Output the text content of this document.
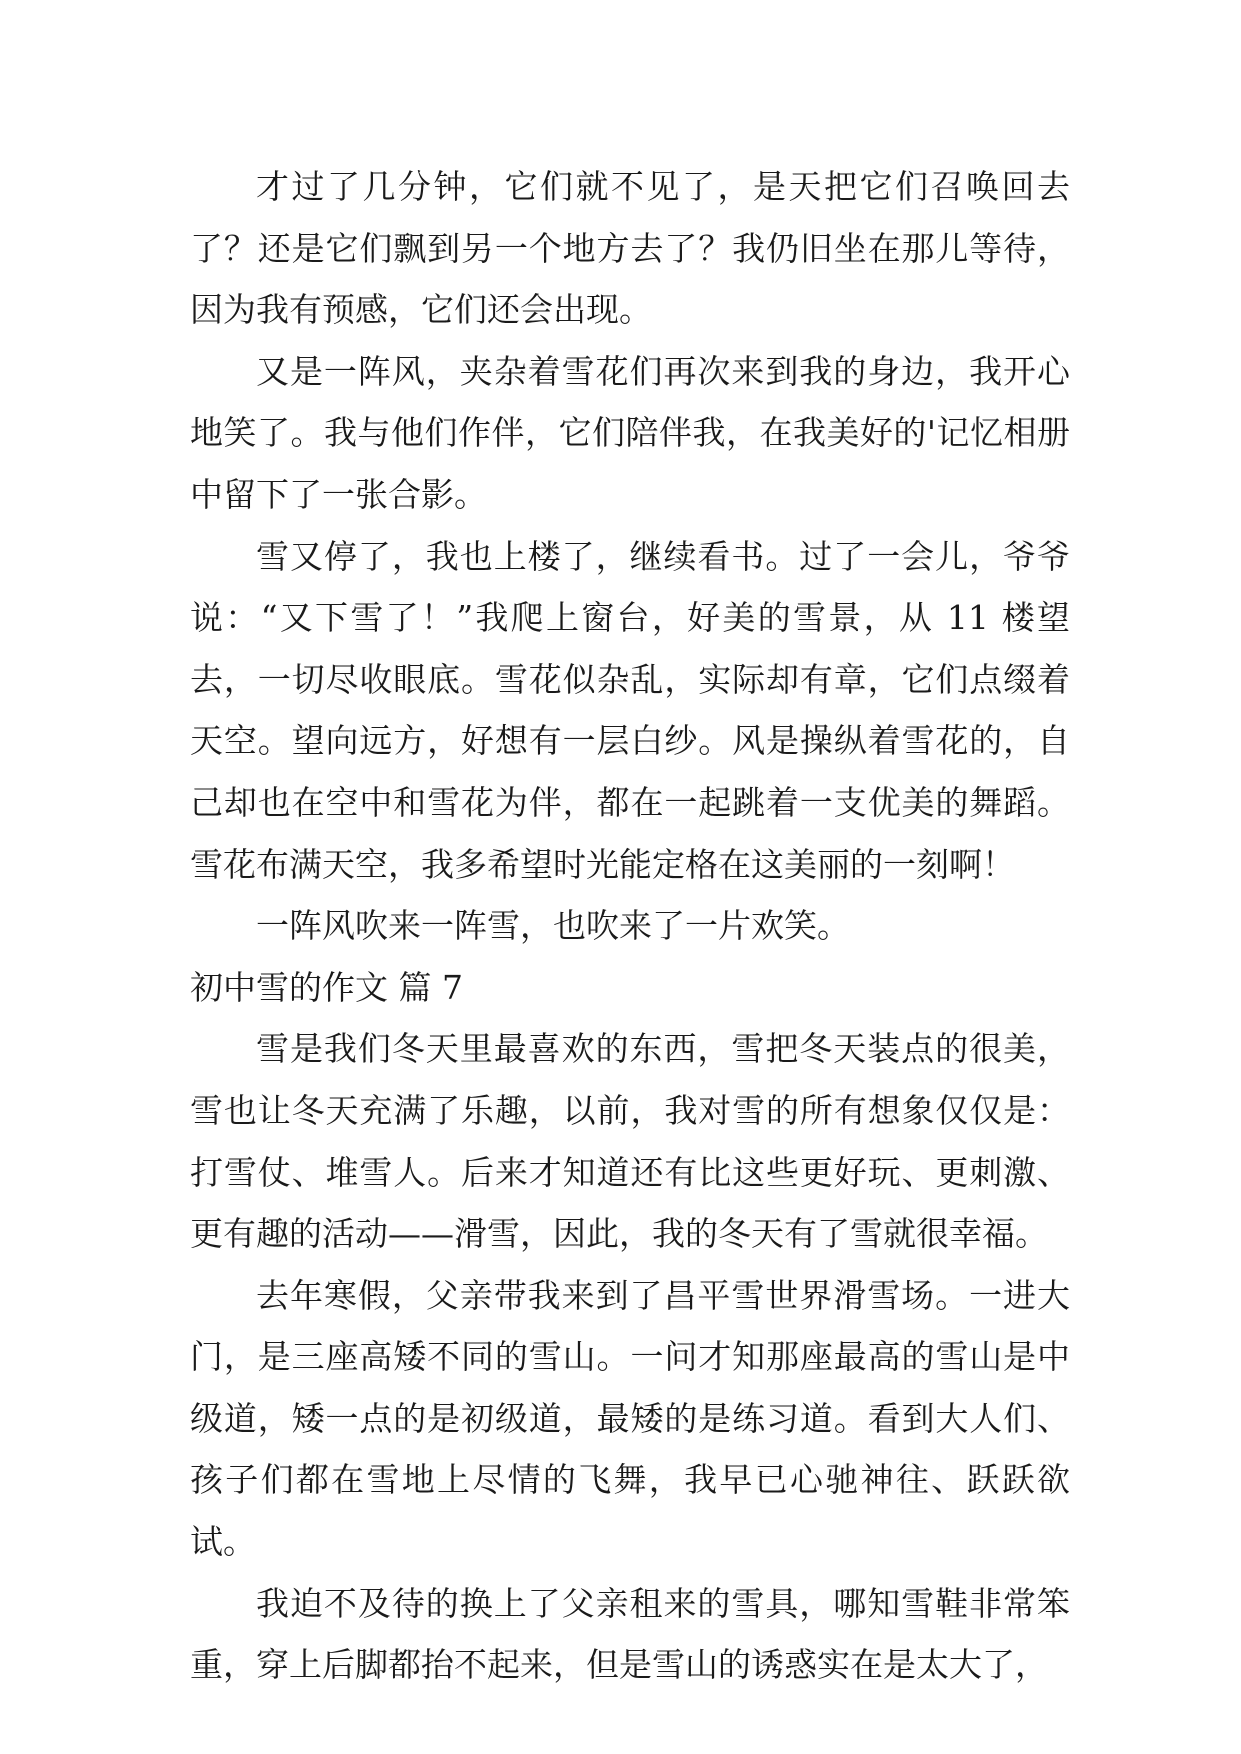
才过了几分钟，它们就不见了，是天把它们召唤回去了？还是它们飘到另一个地方去了？我仍旧坐在那儿等待，因为我有预感，它们还会出现。

又是一阵风，夹杂着雪花们再次来到我的身边，我开心地笑了。我与他们作伴，它们陪伴我，在我美好的'记忆相册中留下了一张合影。

雪又停了，我也上楼了，继续看书。过了一会儿，爷爷说：“又下雪了！”我爬上窗台，好美的雪景，从 11 楼望去，一切尽收眼底。雪花似杂乱，实际却有章，它们点缀着天空。望向远方，好想有一层白纱。风是操纵着雪花的，自己却也在空中和雪花为伴，都在一起跳着一支优美的舞蹈。雪花布满天空，我多希望时光能定格在这美丽的一刻啊！

一阵风吹来一阵雪，也吹来了一片欢笑。

初中雪的作文 篇 7

雪是我们冬天里最喜欢的东西，雪把冬天装点的很美，雪也让冬天充满了乐趣，以前，我对雪的所有想象仅仅是：打雪仗、堆雪人。后来才知道还有比这些更好玩、更刺激、更有趣的活动——滑雪，因此，我的冬天有了雪就很幸福。

去年寒假，父亲带我来到了昌平雪世界滑雪场。一进大门，是三座高矮不同的雪山。一问才知那座最高的雪山是中级道，矮一点的是初级道，最矮的是练习道。看到大人们、孩子们都在雪地上尽情的飞舞，我早已心驰神往、跃跃欲试。

我迫不及待的换上了父亲租来的雪具，哪知雪鞋非常笨重，穿上后脚都抬不起来，但是雪山的诱惑实在是太大了，
